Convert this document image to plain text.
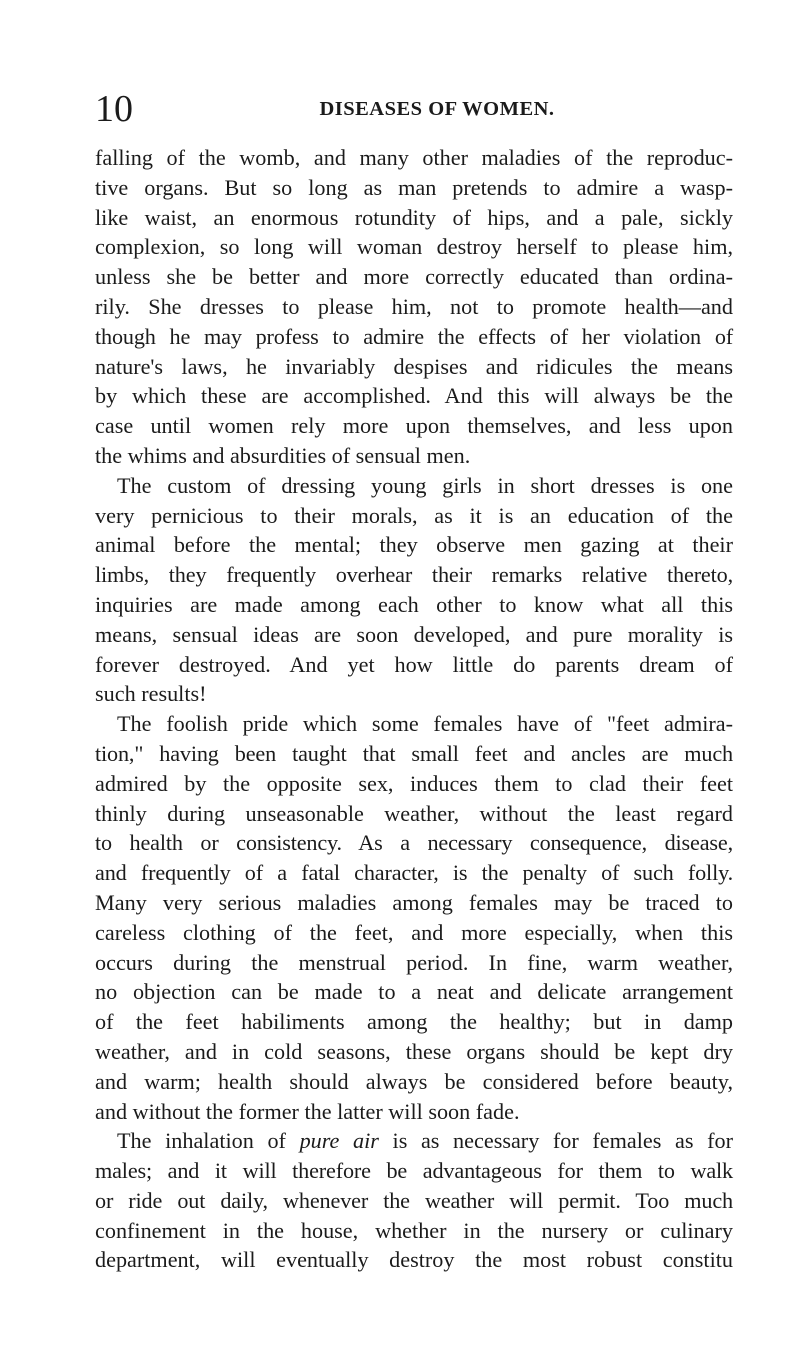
10	DISEASES OF WOMEN.
falling of the womb, and many other maladies of the reproduc-
tive organs. But so long as man pretends to admire a wasp-
like waist, an enormous rotundity of hips, and a pale, sickly
complexion, so long will woman destroy herself to please him,
unless she be better and more correctly educated than ordina-
rily. She dresses to please him, not to promote health—and
though he may profess to admire the effects of her violation of
nature's laws, he invariably despises and ridicules the means
by which these are accomplished. And this will always be the
case until women rely more upon themselves, and less upon
the whims and absurdities of sensual men.
The custom of dressing young girls in short dresses is one
very pernicious to their morals, as it is an education of the
animal before the mental; they observe men gazing at their
limbs, they frequently overhear their remarks relative thereto,
inquiries are made among each other to know what all this
means, sensual ideas are soon developed, and pure morality is
forever destroyed. And yet how little do parents dream of
such results!
The foolish pride which some females have of "feet admira-
tion," having been taught that small feet and ancles are much
admired by the opposite sex, induces them to clad their feet
thinly during unseasonable weather, without the least regard
to health or consistency. As a necessary consequence, disease,
and frequently of a fatal character, is the penalty of such folly.
Many very serious maladies among females may be traced to
careless clothing of the feet, and more especially, when this
occurs during the menstrual period. In fine, warm weather,
no objection can be made to a neat and delicate arrangement
of the feet habiliments among the healthy; but in damp
weather, and in cold seasons, these organs should be kept dry
and warm; health should always be considered before beauty,
and without the former the latter will soon fade.
The inhalation of pure air is as necessary for females as for
males; and it will therefore be advantageous for them to walk
or ride out daily, whenever the weather will permit. Too much
confinement in the house, whether in the nursery or culinary
department, will eventually destroy the most robust constitu
